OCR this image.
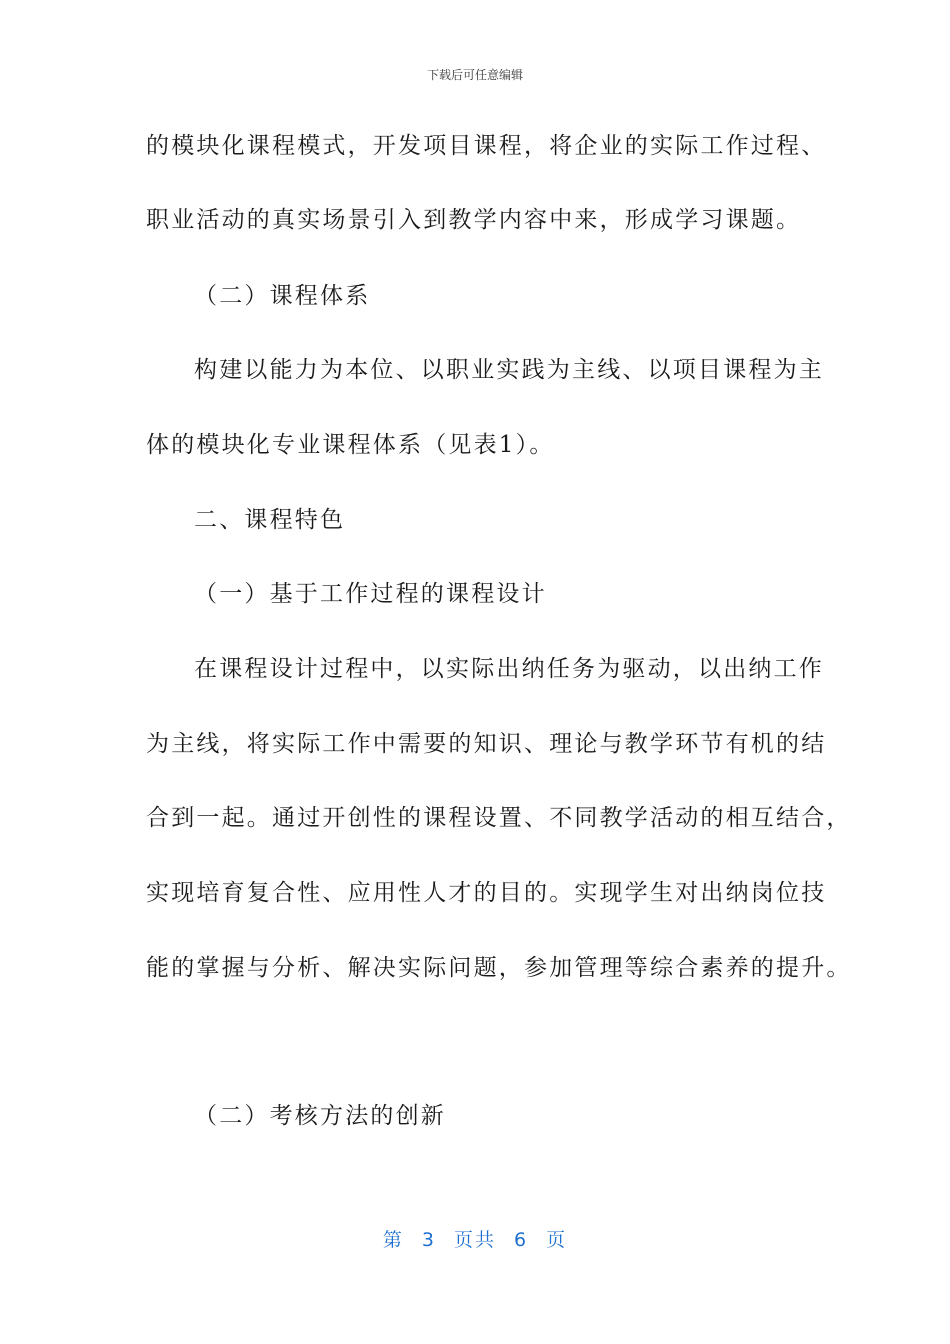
下载后可任意编辑
的模块化课程模式，开发项目课程，将企业的实际工作过程、
职业活动的真实场景引入到教学内容中来，形成学习课题。
（二）课程体系
构建以能力为本位、以职业实践为主线、以项目课程为主
体的模块化专业课程体系（见表1）。
二、课程特色
（一）基于工作过程的课程设计
在课程设计过程中，以实际出纳任务为驱动，以出纳工作
为主线，将实际工作中需要的知识、理论与教学环节有机的结
合到一起。通过开创性的课程设置、不同教学活动的相互结合，
实现培育复合性、应用性人才的目的。实现学生对出纳岗位技
能的掌握与分析、解决实际问题，参加管理等综合素养的提升。
（二）考核方法的创新
第 3 页共 6 页
